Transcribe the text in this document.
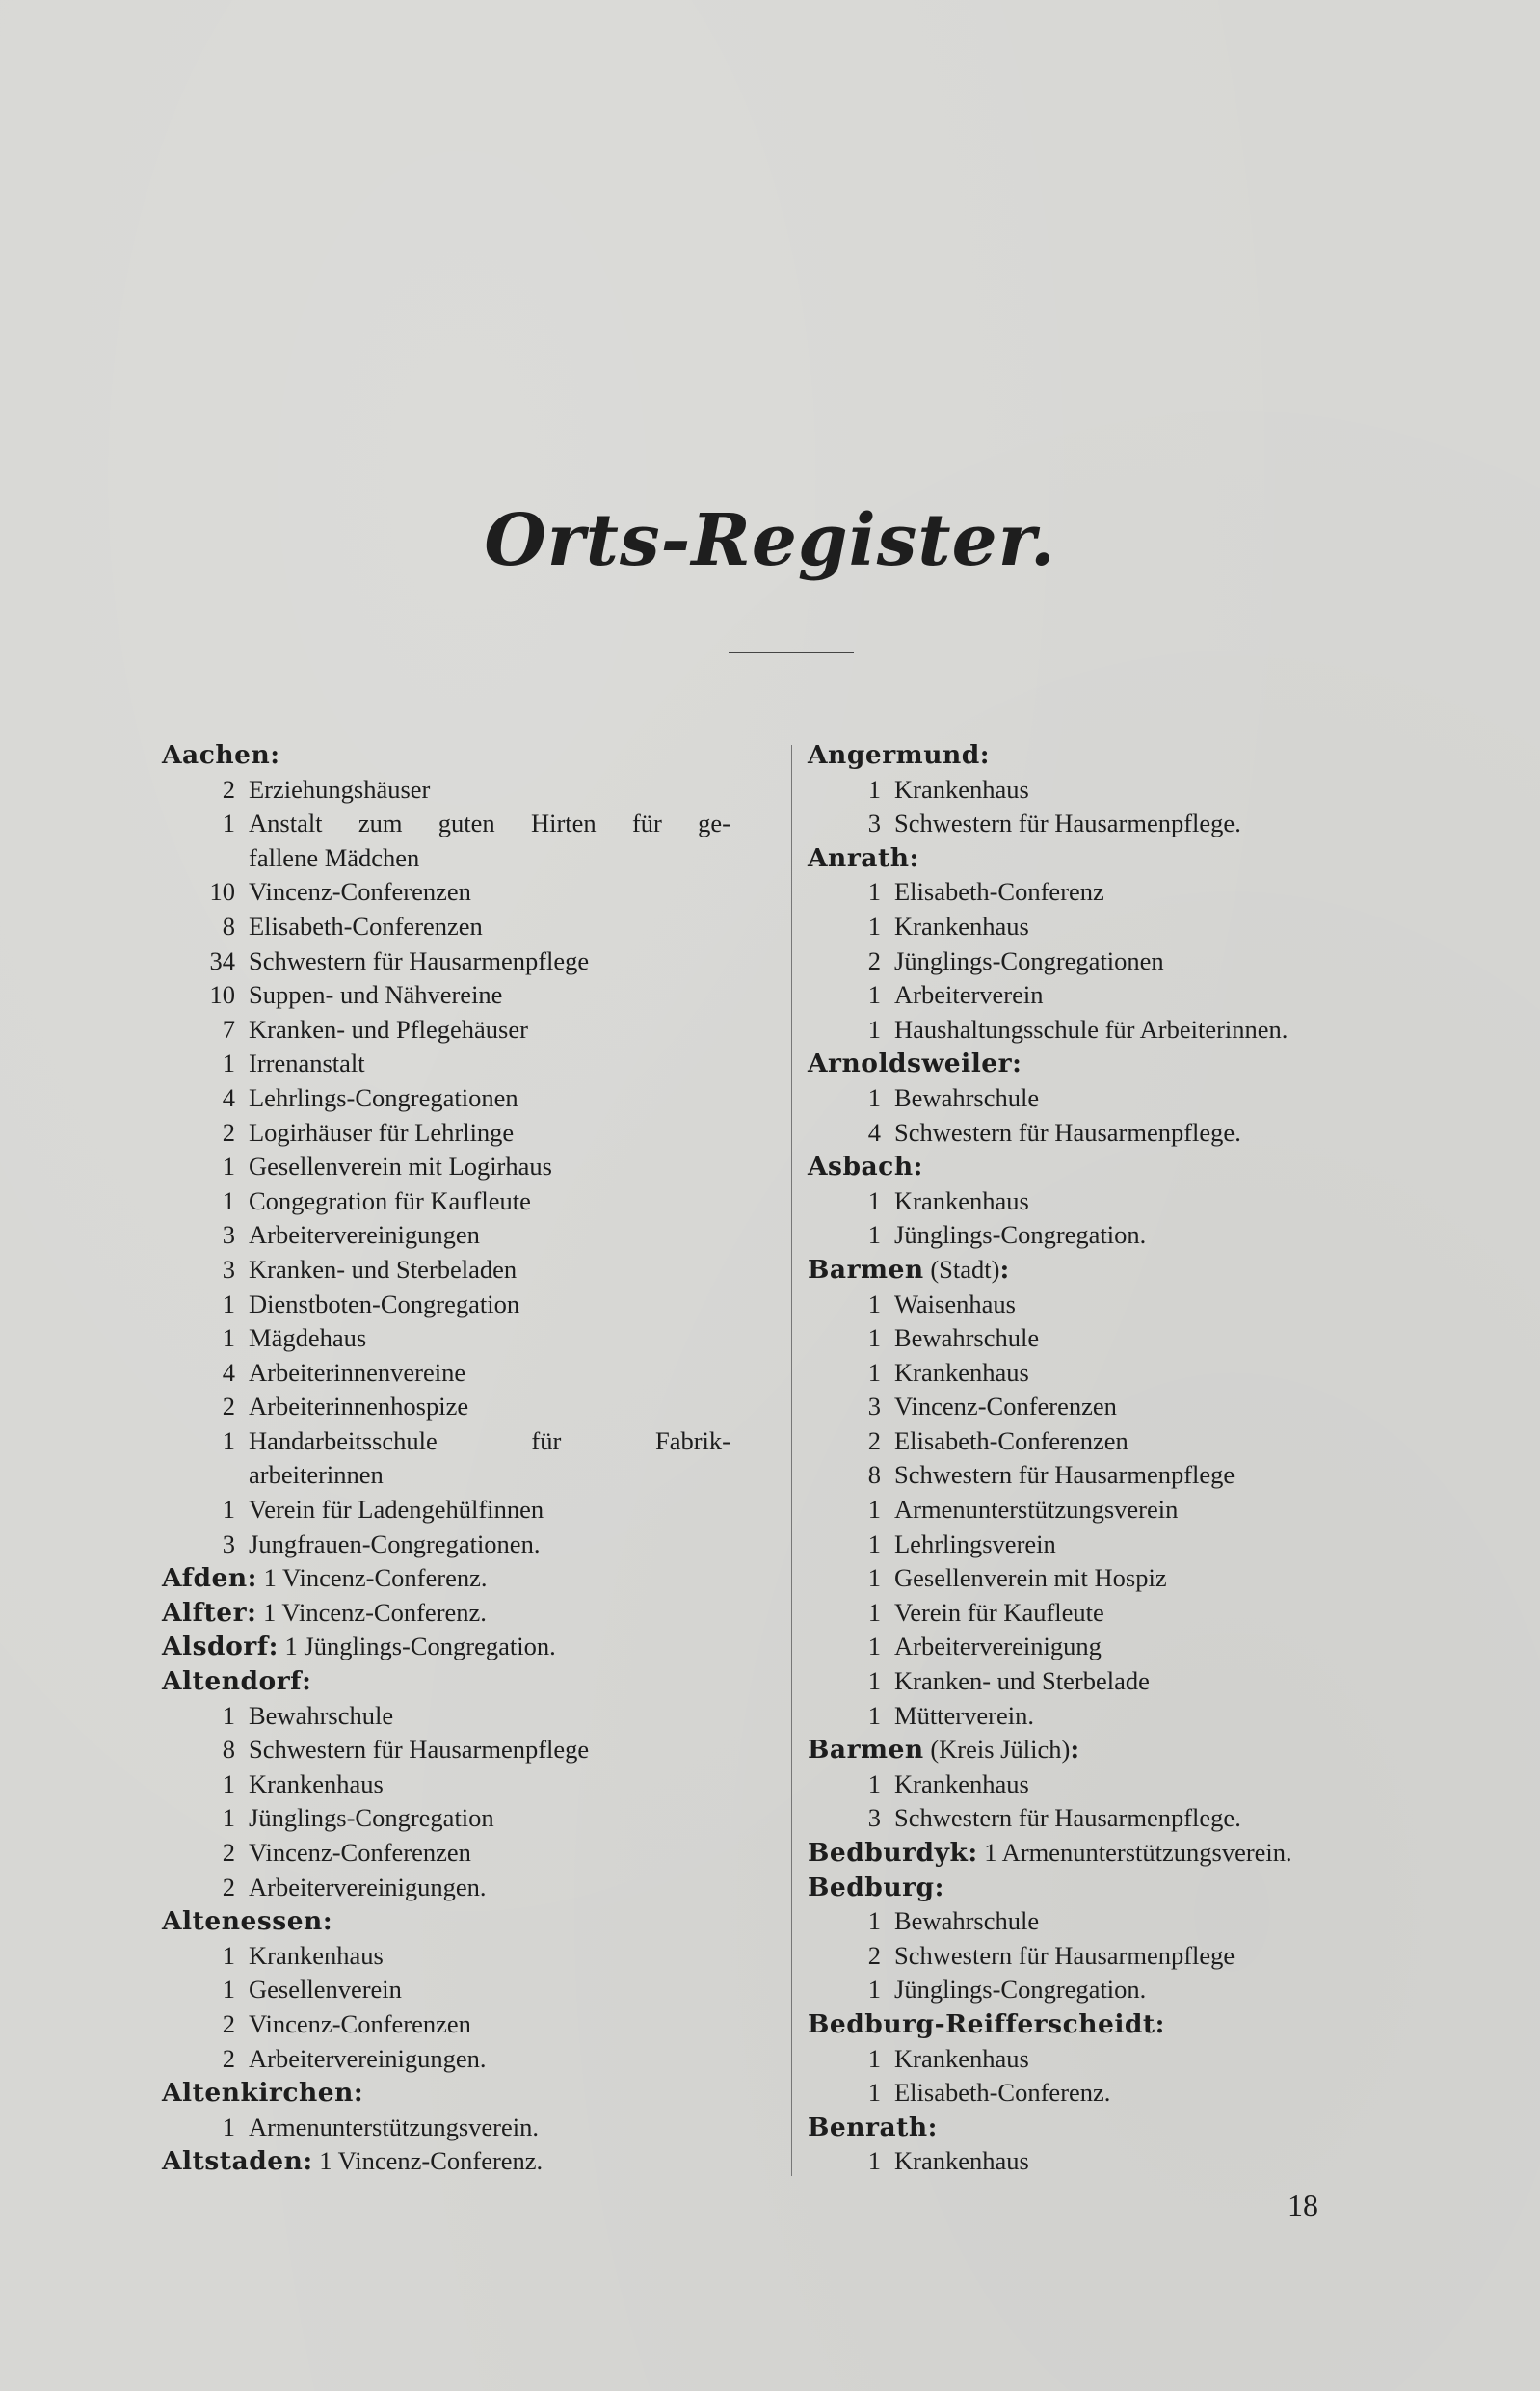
Orts-Register.
Aachen:
2 Erziehungshäuser
1 Anstalt zum guten Hirten für ge-
fallene Mädchen
10 Vincenz-Conferenzen
8 Elisabeth-Conferenzen
34 Schwestern für Hausarmenpflege
10 Suppen- und Nähvereine
7 Kranken- und Pflegehäuser
1 Irrenanstalt
4 Lehrlings-Congregationen
2 Logirhäuser für Lehrlinge
1 Gesellenverein mit Logirhaus
1 Congegration für Kaufleute
3 Arbeitervereinigungen
3 Kranken- und Sterbeladen
1 Dienstboten-Congregation
1 Mägdehaus
4 Arbeiterinnenvereine
2 Arbeiterinnenhospize
1 Handarbeitsschule für Fabrik-
arbeiterinnen
1 Verein für Ladengehülfinnen
3 Jungfrauen-Congregationen.
Afden: 1 Vincenz-Conferenz.
Alfter: 1 Vincenz-Conferenz.
Alsdorf: 1 Jünglings-Congregation.
Altendorf:
1 Bewahrschule
8 Schwestern für Hausarmenpflege
1 Krankenhaus
1 Jünglings-Congregation
2 Vincenz-Conferenzen
2 Arbeitervereinigungen.
Altenessen:
1 Krankenhaus
1 Gesellenverein
2 Vincenz-Conferenzen
2 Arbeitervereinigungen.
Altenkirchen:
1 Armenunterstützungsverein.
Altstaden: 1 Vincenz-Conferenz.
Angermund:
1 Krankenhaus
3 Schwestern für Hausarmenpflege.
Anrath:
1 Elisabeth-Conferenz
1 Krankenhaus
2 Jünglings-Congregationen
1 Arbeiterverein
1 Haushaltungsschule für Arbeiterinnen.
Arnoldsweiler:
1 Bewahrschule
4 Schwestern für Hausarmenpflege.
Asbach:
1 Krankenhaus
1 Jünglings-Congregation.
Barmen (Stadt):
1 Waisenhaus
1 Bewahrschule
1 Krankenhaus
3 Vincenz-Conferenzen
2 Elisabeth-Conferenzen
8 Schwestern für Hausarmenpflege
1 Armenunterstützungsverein
1 Lehrlingsverein
1 Gesellenverein mit Hospiz
1 Verein für Kaufleute
1 Arbeitervereinigung
1 Kranken- und Sterbelade
1 Mütterverein.
Barmen (Kreis Jülich):
1 Krankenhaus
3 Schwestern für Hausarmenpflege.
Bedburdyk: 1 Armenunterstützungsverein.
Bedburg:
1 Bewahrschule
2 Schwestern für Hausarmenpflege
1 Jünglings-Congregation.
Bedburg-Reifferscheidt:
1 Krankenhaus
1 Elisabeth-Conferenz.
Benrath:
1 Krankenhaus
18
